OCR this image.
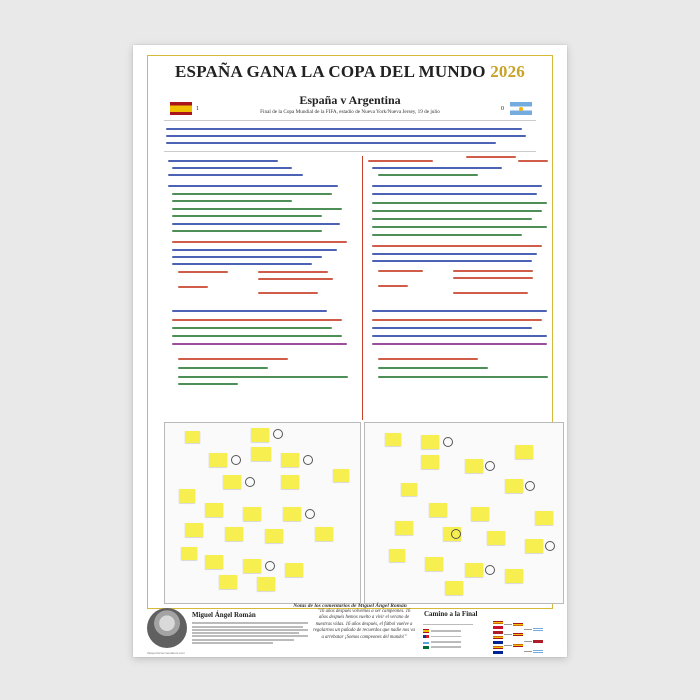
ESPAÑA GANA LA COPA DEL MUNDO 2026
1
España v Argentina
Final de la Copa Mundial de la FIFA, estadio de Nueva York/Nueva Jersey, 19 de julio	0
Notas de los comentarios de Miguel Ángel Román
Miguel Ángel Román
thesportscommentators.com
"16 años después volvemos a ser campeones. 16 años después hemos vuelto a vivir el verano de nuestras vidas. 16 años después, el fútbol vuelve a regalarnos un puñado de recuerdos que nadie nos va a arrebatar ¡Somos campeones del mundo!"
Camino a la Final
